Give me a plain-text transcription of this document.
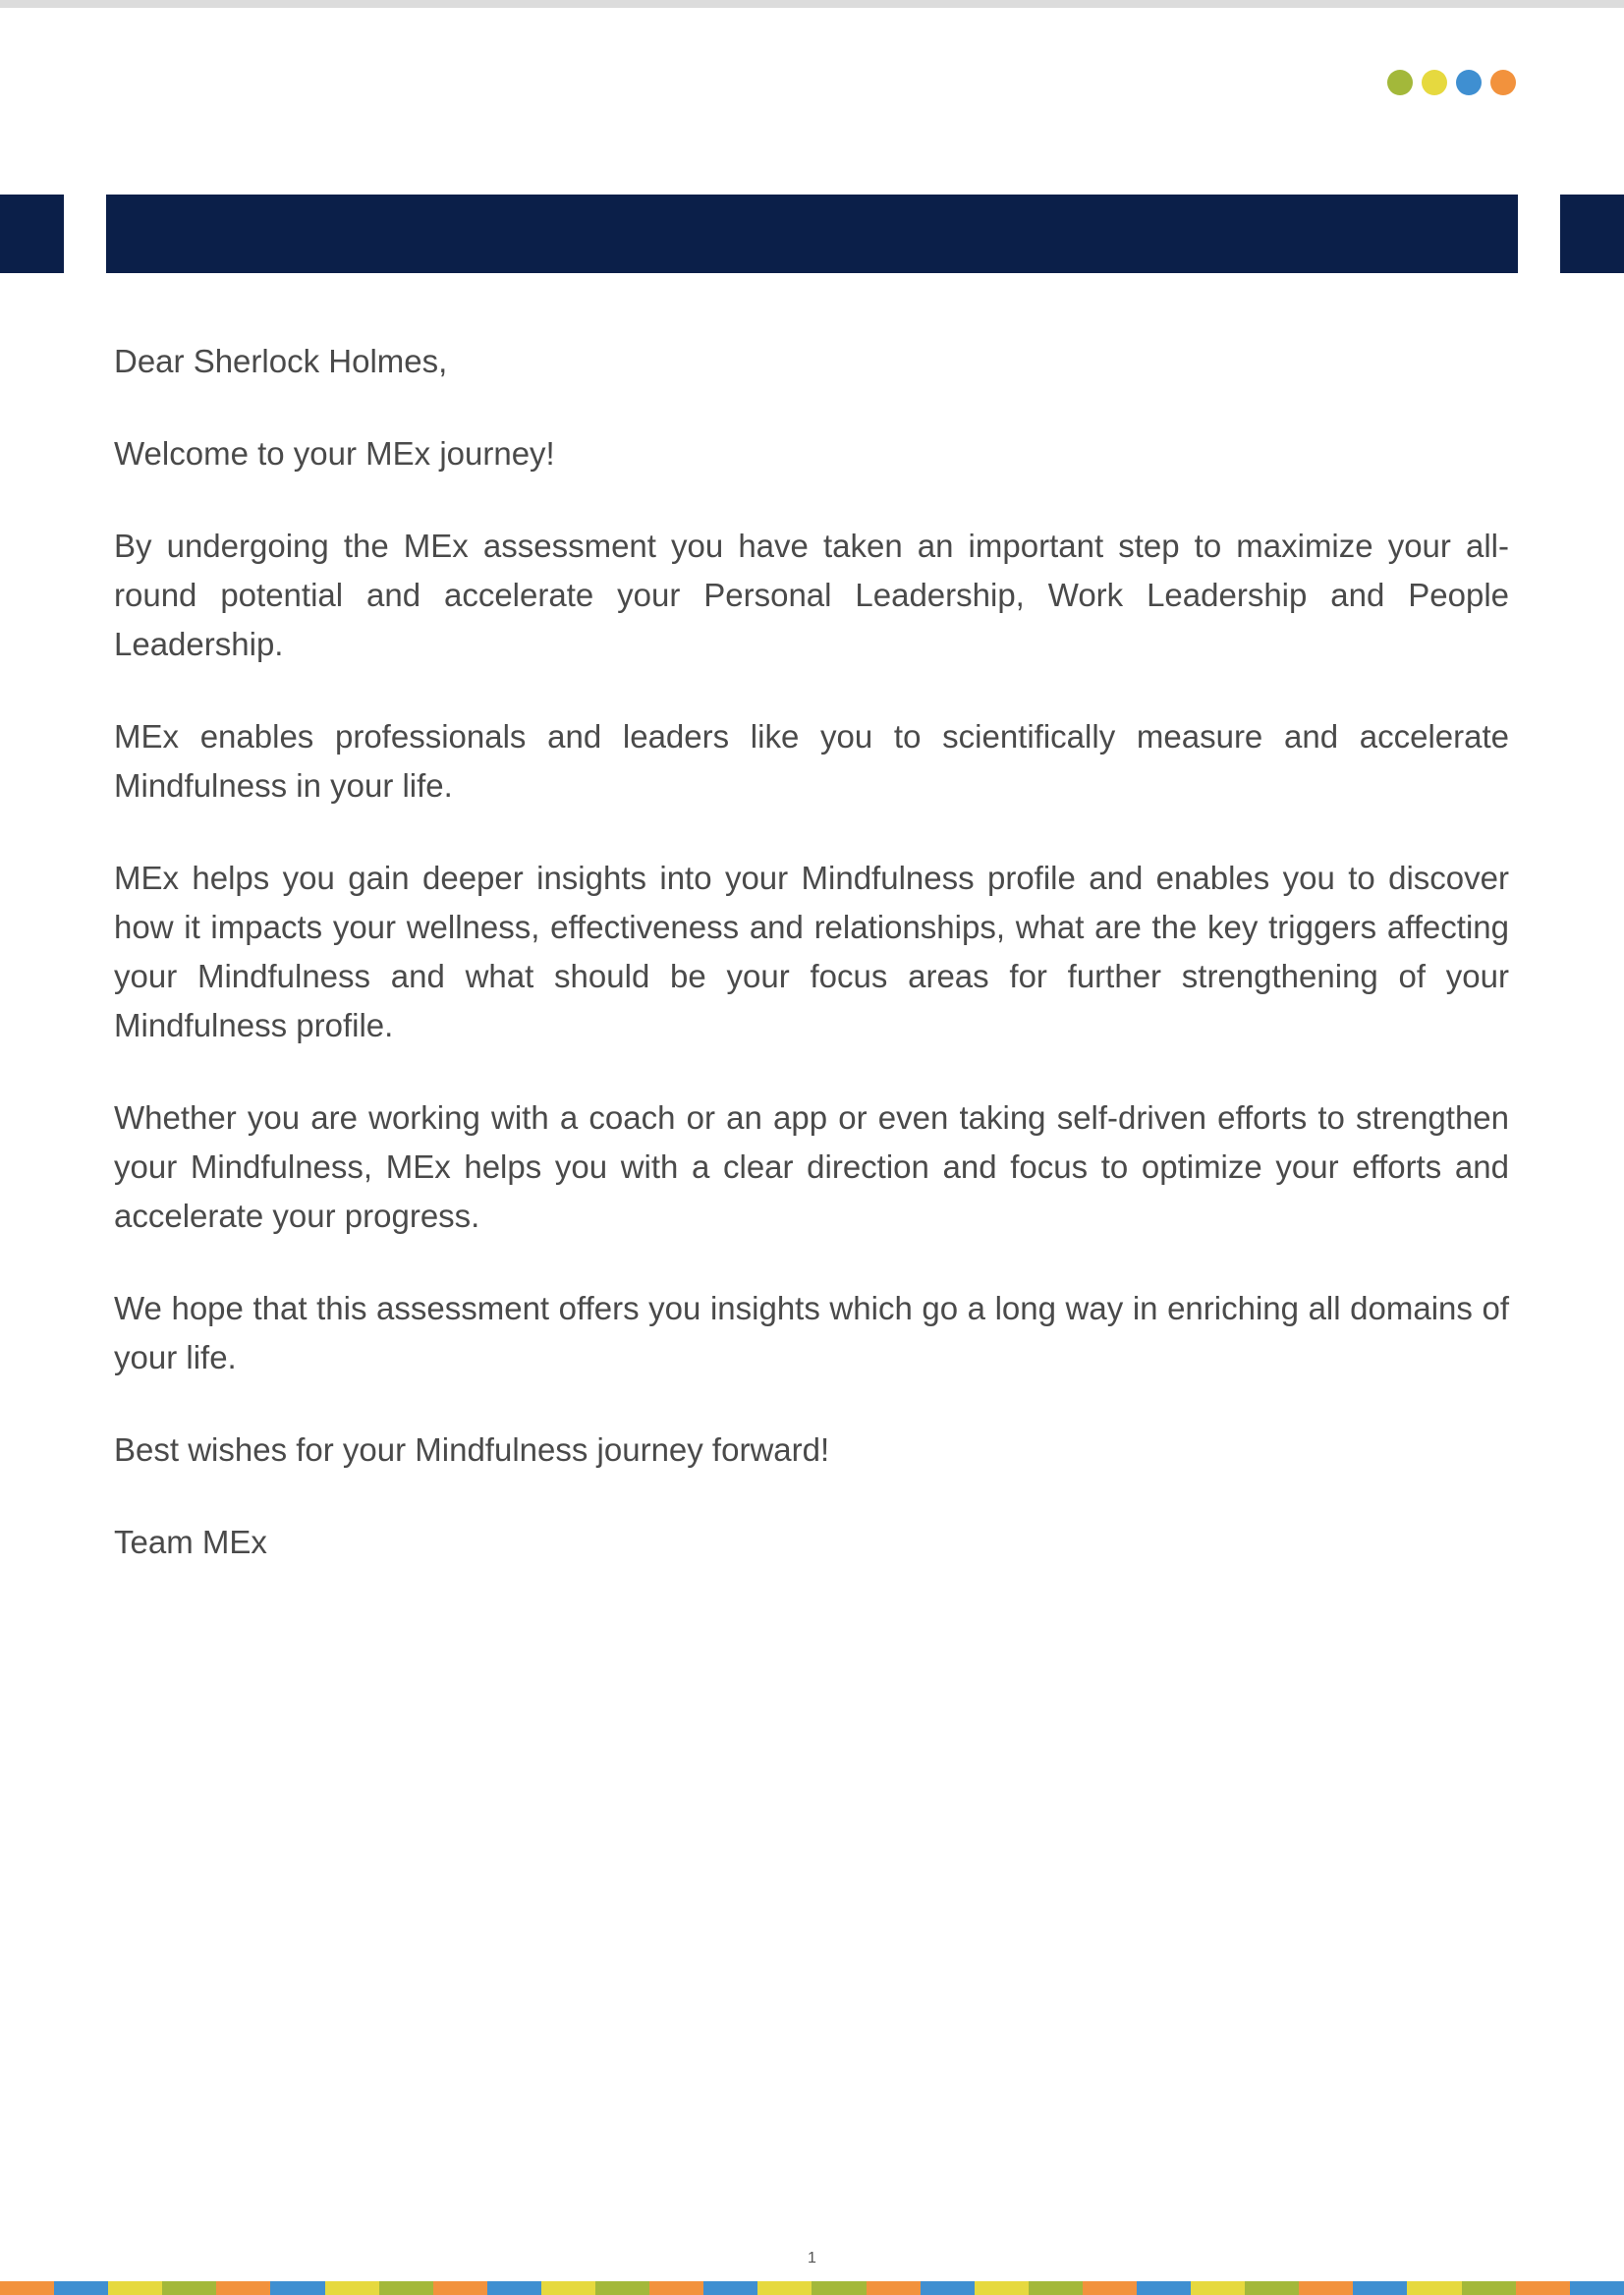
Dear Sherlock Holmes,

Welcome to your MEx journey!

By undergoing the MEx assessment you have taken an important step to maximize your all-round potential and accelerate your Personal Leadership, Work Leadership and People Leadership.

MEx enables professionals and leaders like you to scientifically measure and accelerate Mindfulness in your life.

MEx helps you gain deeper insights into your Mindfulness profile and enables you to discover how it impacts your wellness, effectiveness and relationships, what are the key triggers affecting your Mindfulness and what should be your focus areas for further strengthening of your Mindfulness profile.

Whether you are working with a coach or an app or even taking self-driven efforts to strengthen your Mindfulness, MEx helps you with a clear direction and focus to optimize your efforts and accelerate your progress.

We hope that this assessment offers you insights which go a long way in enriching all domains of your life.

Best wishes for your Mindfulness journey forward!

Team MEx

1
